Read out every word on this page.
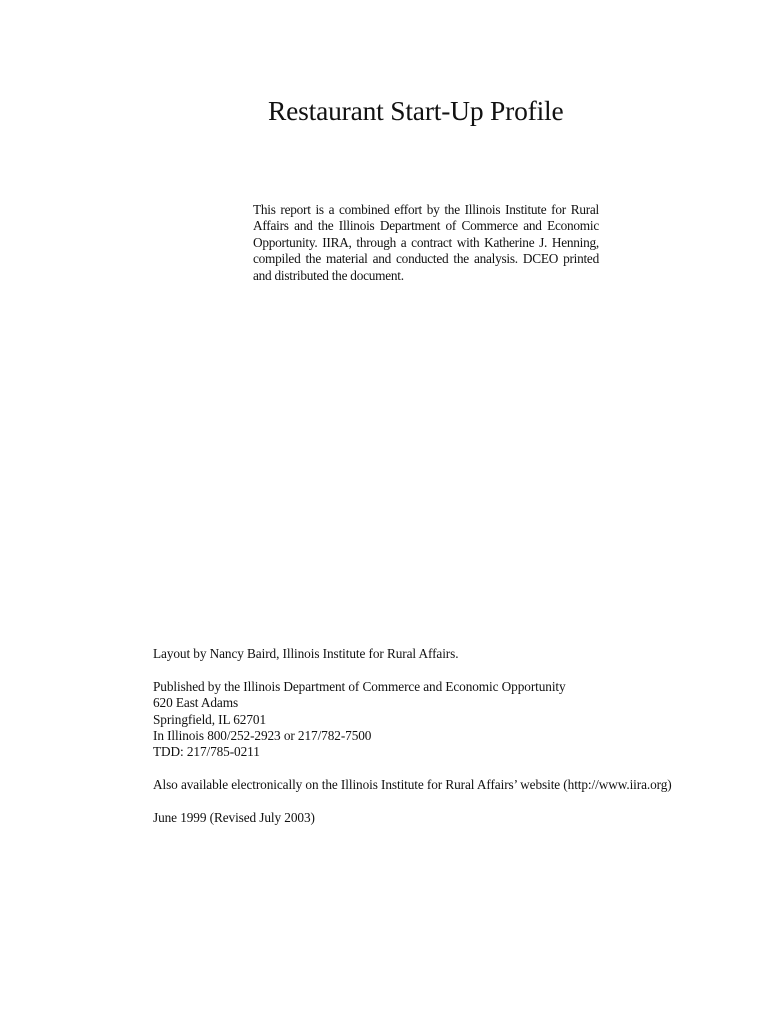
Restaurant Start-Up Profile
This report is a combined effort by the Illinois Institute for Rural Affairs and the Illinois Department of Commerce and Economic Opportunity. IIRA, through a contract with Katherine J. Henning, compiled the material and conducted the analysis. DCEO printed and distributed the document.
Layout by Nancy Baird, Illinois Institute for Rural Affairs.
Published by the Illinois Department of Commerce and Economic Opportunity
620 East Adams
Springfield, IL 62701
In Illinois 800/252-2923 or 217/782-7500
TDD: 217/785-0211
Also available electronically on the Illinois Institute for Rural Affairs’ website (http://www.iira.org)
June 1999 (Revised July 2003)
